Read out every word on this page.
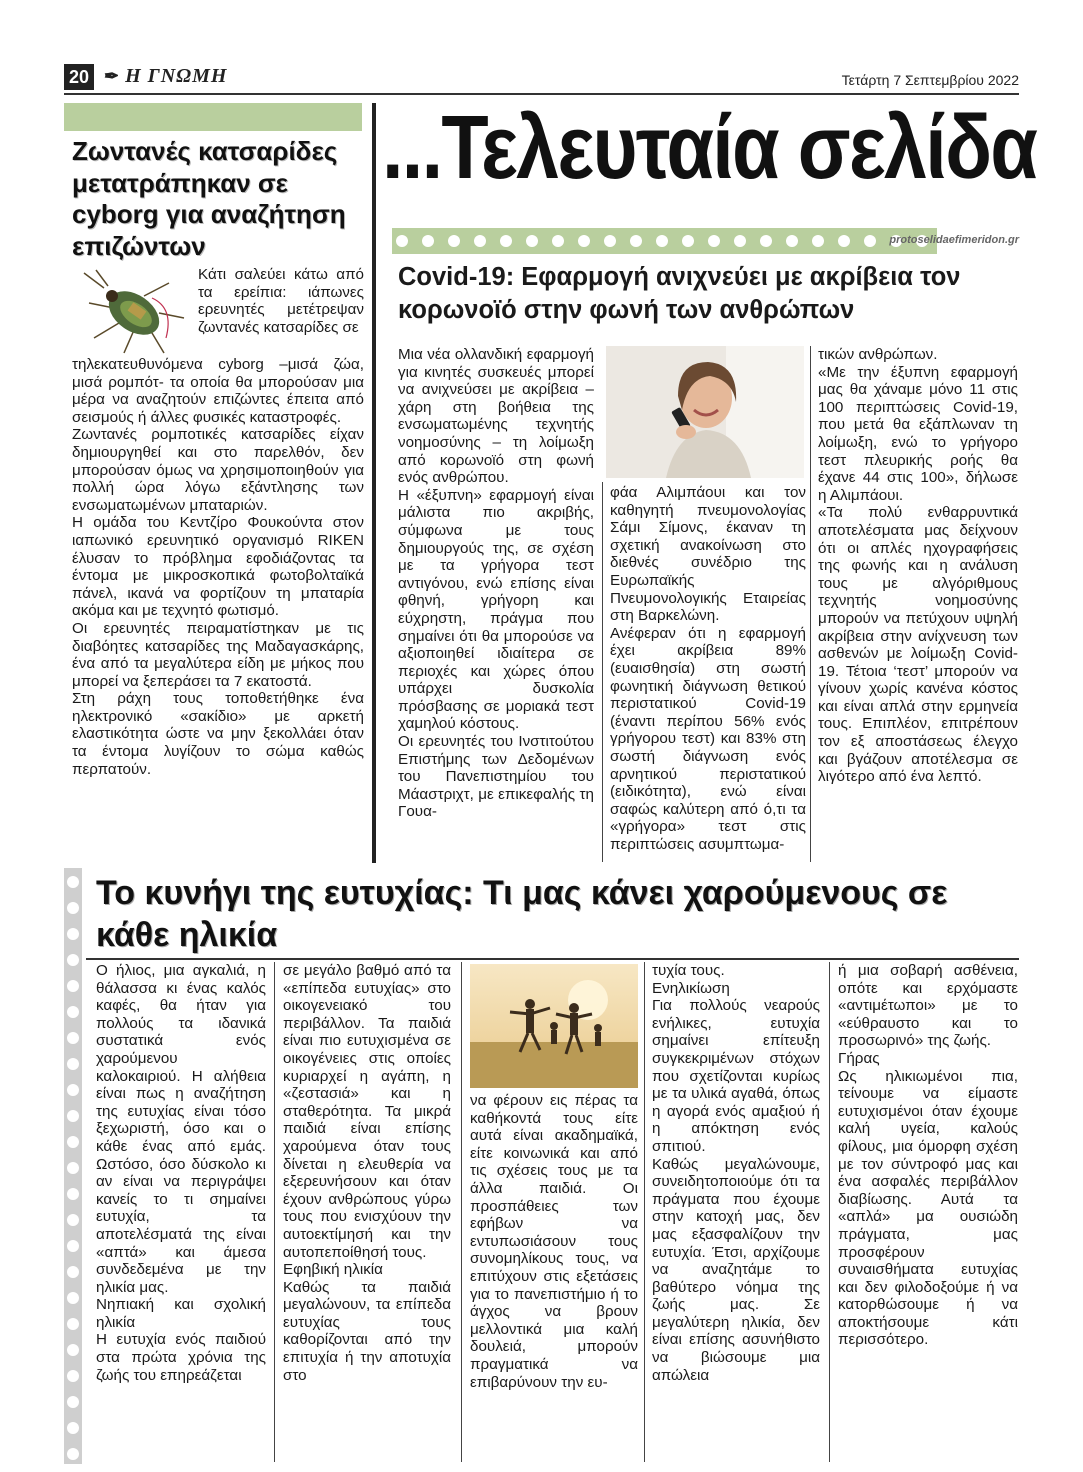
20 ✒ Η ΓΝΩΜΗ	Τετάρτη 7 Σεπτεμβρίου 2022
Ζωντανές κατσαρίδες μετατράπηκαν σε cyborg για αναζήτηση επιζώντων

Κάτι σαλεύει κάτω από τα ερείπια: ιάπωνες ερευνητές μετέτρεψαν ζωντανές κατσαρίδες σε

τηλεκατευθυνόμενα cyborg –μισά ζώα, μισά ρομπότ- τα οποία θα μπορούσαν μια μέρα να αναζητούν επιζώντες έπειτα από σεισμούς ή άλλες φυσικές καταστροφές.

Ζωντανές ρομποτικές κατσαρίδες είχαν δημιουργηθεί και στο παρελθόν, δεν μπορούσαν όμως να χρησιμοποιηθούν για πολλή ώρα λόγω εξάντλησης των ενσωματωμένων μπαταριών.

Η ομάδα του Κεντζίρο Φουκούντα στον ιαπωνικό ερευνητικό οργανισμό RIKEN έλυσαν το πρόβλημα εφοδιάζοντας τα έντομα με μικροσκοπικά φωτοβολταϊκά πάνελ, ικανά να φορτίζουν τη μπαταρία ακόμα και με τεχνητό φωτισμό.

Οι ερευνητές πειραματίστηκαν με τις διαβόητες κατσαρίδες της Μαδαγασκάρης, ένα από τα μεγαλύτερα είδη με μήκος που μπορεί να ξεπεράσει τα 7 εκατοστά.

Στη ράχη τους τοποθετήθηκε ένα ηλεκτρονικό «σακίδιο» με αρκετή ελαστικότητα ώστε να μην ξεκολλάει όταν τα έντομα λυγίζουν το σώμα καθώς περπατούν.

...Τελευταία σελίδα
protoselidaefimeridon.gr
Covid-19: Εφαρμογή ανιχνεύει με ακρίβεια τον κορωνοϊό στην φωνή των ανθρώπων

Μια νέα ολλανδική εφαρμογή για κινητές συσκευές μπορεί να ανιχνεύσει με ακρίβεια – χάρη στη βοήθεια της ενσωματωμένης τεχνητής νοημοσύνης – τη λοίμωξη από κορωνοϊό στη φωνή ενός ανθρώπου.

Η «έξυπνη» εφαρμογή είναι μάλιστα πιο ακριβής, σύμφωνα με τους δημιουργούς της, σε σχέση με τα γρήγορα τεστ αντιγόνου, ενώ επίσης είναι φθηνή, γρήγορη και εύχρηστη, πράγμα που σημαίνει ότι θα μπορούσε να αξιοποιηθεί ιδιαίτερα σε περιοχές και χώρες όπου υπάρχει δυσκολία πρόσβασης σε μοριακά τεστ χαμηλού κόστους.

Οι ερευνητές του Ινστιτούτου Επιστήμης των Δεδομένων του Πανεπιστημίου του Μάαστριχτ, με επικεφαλής τη Γουα-

φάα Αλιμπάουι και τον καθηγητή πνευμονολογίας Σάμι Σίμονς, έκαναν τη σχετική ανακοίνωση στο διεθνές συνέδριο της Ευρωπαϊκής Πνευμονολογικής Εταιρείας στη Βαρκελώνη.

Ανέφεραν ότι η εφαρμογή έχει ακρίβεια 89% (ευαισθησία) στη σωστή φωνητική διάγνωση θετικού περιστατικού Covid-19 (έναντι περίπου 56% ενός γρήγορου τεστ) και 83% στη σωστή διάγνωση ενός αρνητικού περιστατικού (ειδικότητα), ενώ είναι σαφώς καλύτερη από ό,τι τα «γρήγορα» τεστ στις περιπτώσεις ασυμπτωμα-

τικών ανθρώπων.

«Με την έξυπνη εφαρμογή μας θα χάναμε μόνο 11 στις 100 περιπτώσεις Covid-19, που μετά θα εξάπλωναν τη λοίμωξη, ενώ το γρήγορο τεστ πλευρικής ροής θα έχανε 44 στις 100», δήλωσε η Αλιμπάουι.

«Τα πολύ ενθαρρυντικά αποτελέσματα μας δείχνουν ότι οι απλές ηχογραφήσεις της φωνής και η ανάλυση τους με αλγόριθμους τεχνητής νοημοσύνης μπορούν να πετύχουν υψηλή ακρίβεια στην ανίχνευση των ασθενών με λοίμωξη Covid-19. Τέτοια ‘τεστ’ μπορούν να γίνουν χωρίς κανένα κόστος και είναι απλά στην ερμηνεία τους. Επιπλέον, επιτρέπουν τον εξ αποστάσεως έλεγχο και βγάζουν αποτέλεσμα σε λιγότερο από ένα λεπτό.

Το κυνήγι της ευτυχίας: Τι μας κάνει χαρούμενους σε κάθε ηλικία

Ο ήλιος, μια αγκαλιά, η θάλασσα κι ένας καλός καφές, θα ήταν για πολλούς τα ιδανικά συστατικά ενός χαρούμενου καλοκαιριού. Η αλήθεια είναι πως η αναζήτηση της ευτυχίας είναι τόσο ξεχωριστή, όσο και ο κάθε ένας από εμάς. Ωστόσο, όσο δύσκολο κι αν είναι να περιγράψει κανείς το τι σημαίνει ευτυχία, τα αποτελέσματά της είναι «απτά» και άμεσα συνδεδεμένα με την ηλικία μας.

Νηπιακή και σχολική ηλικία

Η ευτυχία ενός παιδιού στα πρώτα χρόνια της ζωής του επηρεάζεται

σε μεγάλο βαθμό από τα «επίπεδα ευτυχίας» στο οικογενειακό του περιβάλλον. Τα παιδιά είναι πιο ευτυχισμένα σε οικογένειες στις οποίες κυριαρχεί η αγάπη, η «ζεστασιά» και η σταθερότητα. Τα μικρά παιδιά είναι επίσης χαρούμενα όταν τους δίνεται η ελευθερία να εξερευνήσουν και όταν έχουν ανθρώπους γύρω τους που ενισχύουν την αυτοεκτίμησή και την αυτοπεποίθησή τους.

Εφηβική ηλικία

Καθώς τα παιδιά μεγαλώνουν, τα επίπεδα ευτυχίας τους καθορίζονται από την επιτυχία ή την αποτυχία στο

να φέρουν εις πέρας τα καθήκοντά τους είτε αυτά είναι ακαδημαϊκά, είτε κοινωνικά και από τις σχέσεις τους με τα άλλα παιδιά. Οι προσπάθειες των εφήβων να εντυπωσιάσουν τους συνομηλίκους τους, να επιτύχουν στις εξετάσεις για το πανεπιστήμιο ή το άγχος να βρουν μελλοντικά μια καλή δουλειά, μπορούν πραγματικά να επιβαρύνουν την ευ-

τυχία τους.

Ενηλικίωση

Για πολλούς νεαρούς ενήλικες, ευτυχία σημαίνει επίτευξη συγκεκριμένων στόχων που σχετίζονται κυρίως με τα υλικά αγαθά, όπως η αγορά ενός αμαξιού ή η απόκτηση ενός σπιτιού.

Καθώς μεγαλώνουμε, συνειδητοποιούμε ότι τα πράγματα που έχουμε στην κατοχή μας, δεν μας εξασφαλίζουν την ευτυχία. Έτσι, αρχίζουμε να αναζητάμε το βαθύτερο νόημα της ζωής μας. Σε μεγαλύτερη ηλικία, δεν είναι επίσης ασυνήθιστο να βιώσουμε μια απώλεια

ή μια σοβαρή ασθένεια, οπότε και ερχόμαστε «αντιμέτωποι» με το «εύθραυστο και το προσωρινό» της ζωής.

Γήρας

Ως ηλικιωμένοι πια, τείνουμε να είμαστε ευτυχισμένοι όταν έχουμε καλή υγεία, καλούς φίλους, μια όμορφη σχέση με τον σύντροφό μας και ένα ασφαλές περιβάλλον διαβίωσης. Αυτά τα «απλά» μα ουσιώδη πράγματα, μας προσφέρουν συναισθήματα ευτυχίας και δεν φιλοδοξούμε ή να κατορθώσουμε ή να αποκτήσουμε κάτι περισσότερο.
